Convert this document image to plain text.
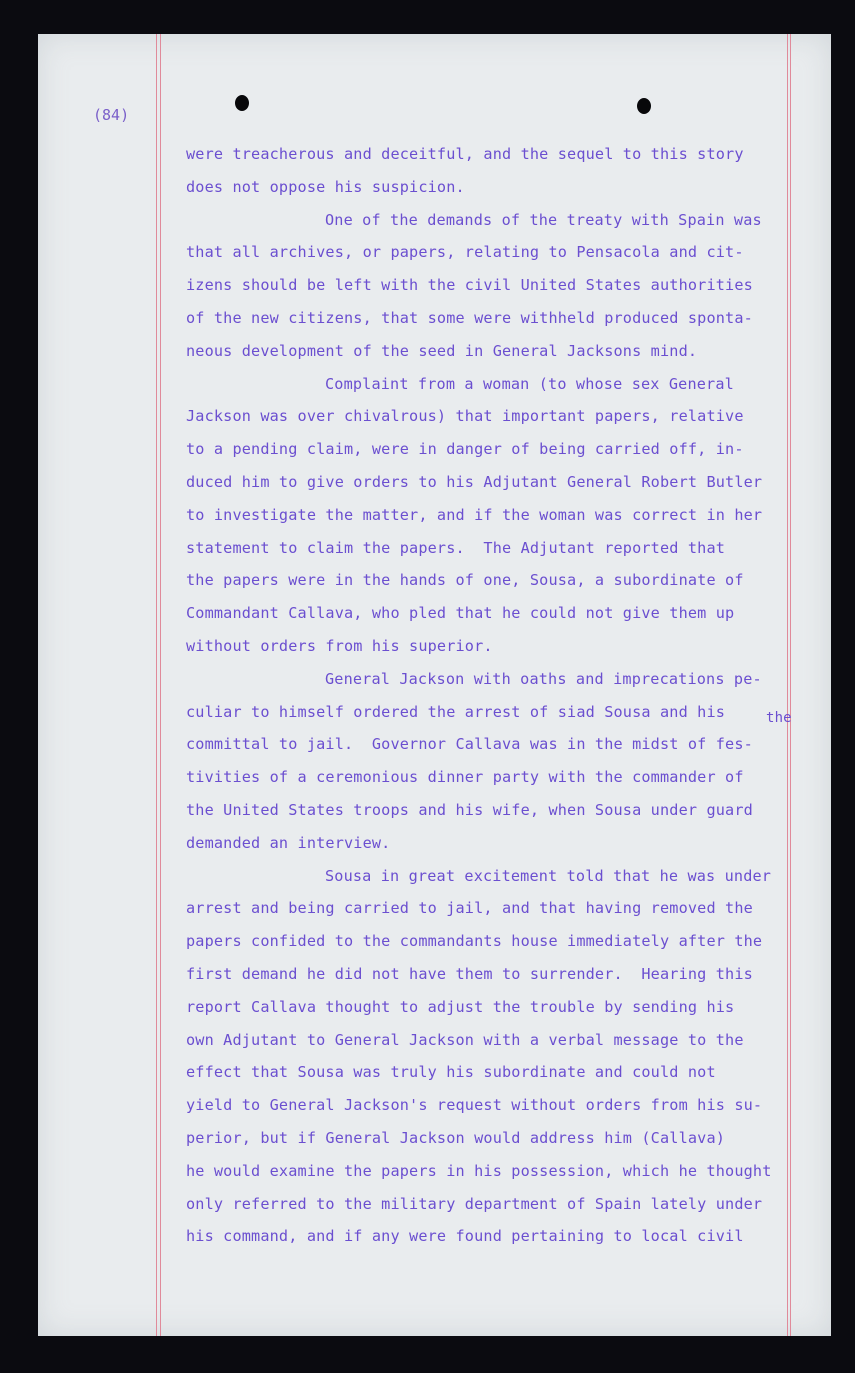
(84)
were treacherous and deceitful, and the sequel to this story
does not oppose his suspicion.
One of the demands of the treaty with Spain was
that all archives, or papers, relating to Pensacola and cit-
izens should be left with the civil United States authorities
of the new citizens, that some were withheld produced sponta-
neous development of the seed in General Jacksons mind.
Complaint from a woman (to whose sex General
Jackson was over chivalrous) that important papers, relative
to a pending claim, were in danger of being carried off, in-
duced him to give orders to his Adjutant General Robert Butler
to investigate the matter, and if the woman was correct in her
statement to claim the papers.  The Adjutant reported that
the papers were in the hands of one, Sousa, a subordinate of
Commandant Callava, who pled that he could not give them up
without orders from his superior.
General Jackson with oaths and imprecations pe-
culiar to himself ordered the arrest of siad Sousa and his
committal to jail.  Governor Callava was in the midst of fes-
the
tivities of a ceremonious dinner party with the commander of
the United States troops and his wife, when Sousa under guard
demanded an interview.
Sousa in great excitement told that he was under
arrest and being carried to jail, and that having removed the
papers confided to the commandants house immediately after the
first demand he did not have them to surrender.  Hearing this
report Callava thought to adjust the trouble by sending his
own Adjutant to General Jackson with a verbal message to the
effect that Sousa was truly his subordinate and could not
yield to General Jackson's request without orders from his su-
perior, but if General Jackson would address him (Callava)
he would examine the papers in his possession, which he thought
only referred to the military department of Spain lately under
his command, and if any were found pertaining to local civil
